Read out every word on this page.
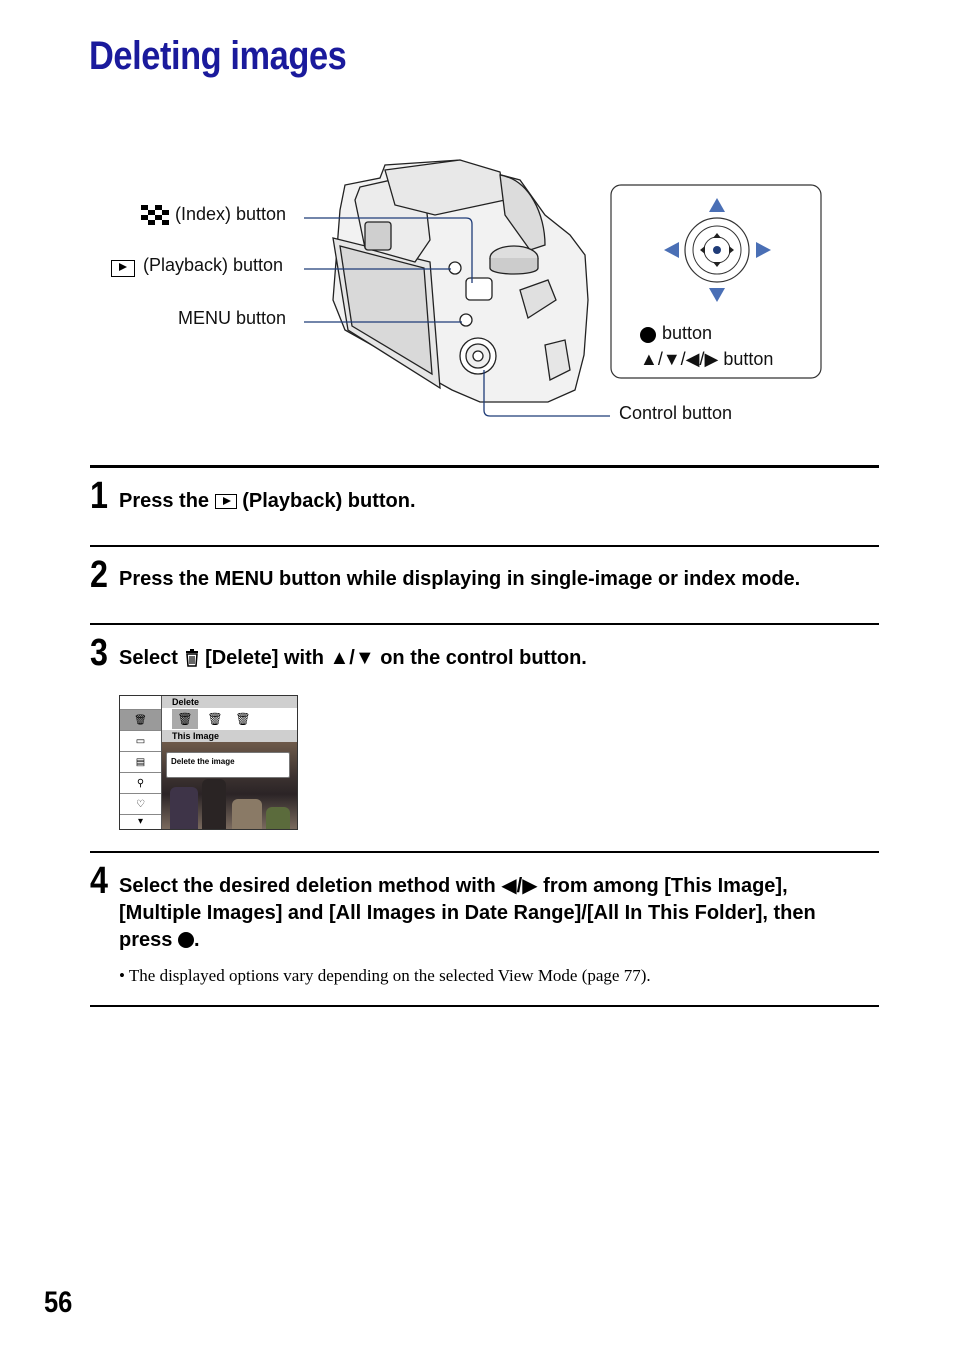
Deleting images
(Index) button
(Playback) button
MENU button
button
▲/▼/◀/▶ button
Control button
1 Press the (Playback) button.
2 Press the MENU button while displaying in single-image or index mode.
3 Select [Delete] with ▲/▼ on the control button.
🗑
▭
▤
⚲
♡
▾
Delete
🗑	🗑	🗑
This Image
Delete the image
4 Select the desired deletion method with ◀/▶ from among [This Image],
[Multiple Images] and [All Images in Date Range]/[All In This Folder], then
press .
• The displayed options vary depending on the selected View Mode (page 77).
56
